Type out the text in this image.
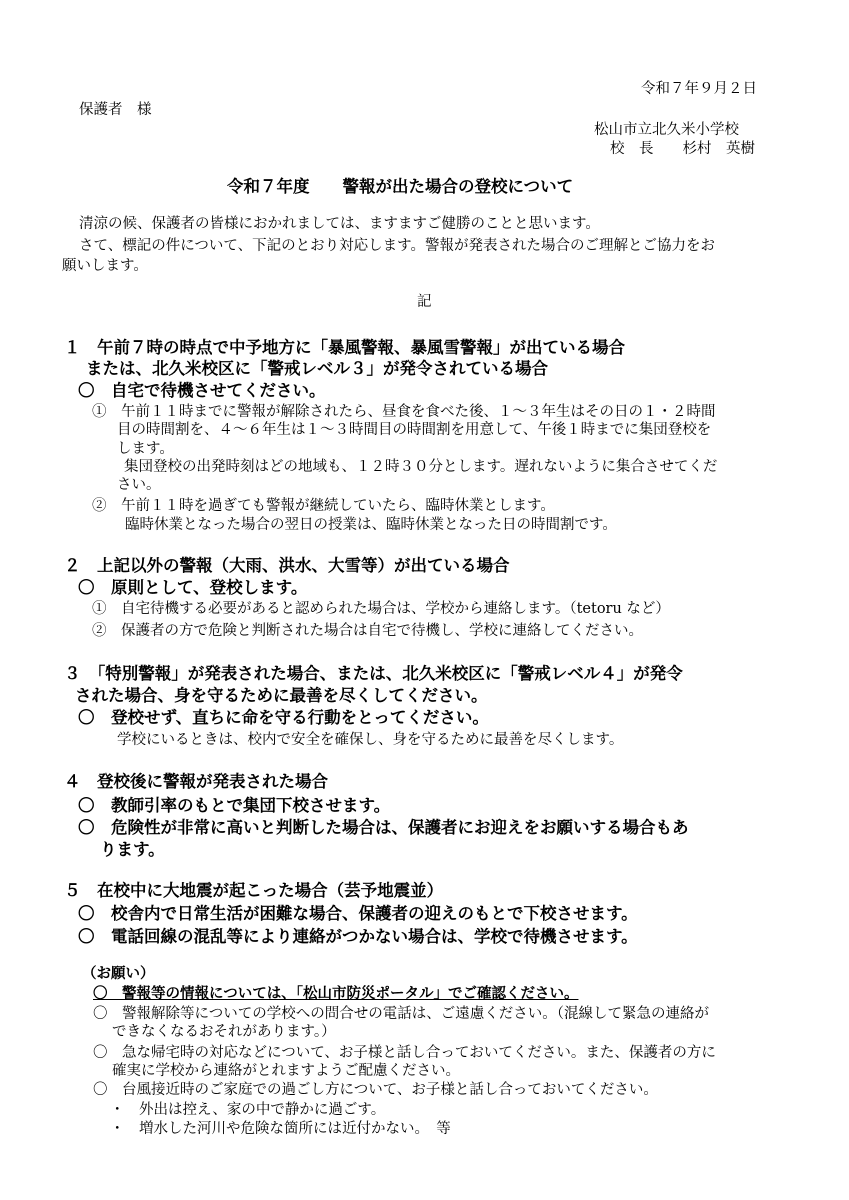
令和７年９月２日
保護者　様
松山市立北久米小学校
校　長　　杉村　英樹
令和７年度　　警報が出た場合の登校について
清涼の候、保護者の皆様におかれましては、ますますご健勝のことと思います。
さて、標記の件について、下記のとおり対応します。警報が発表された場合のご理解とご協力をお
願いします。
記
１　午前７時の時点で中予地方に「暴風警報、暴風雪警報」が出ている場合
または、北久米校区に「警戒レベル３」が発令されている場合
〇　自宅で待機させてください。
①　午前１１時までに警報が解除されたら、昼食を食べた後、１～３年生はその日の１・２時間
目の時間割を、４～６年生は１～３時間目の時間割を用意して、午後１時までに集団登校を
します。
集団登校の出発時刻はどの地域も、１２時３０分とします。遅れないように集合させてくだ
さい。
②　午前１１時を過ぎても警報が継続していたら、臨時休業とします。
臨時休業となった場合の翌日の授業は、臨時休業となった日の時間割です。
２　上記以外の警報（大雨、洪水、大雪等）が出ている場合
〇　原則として、登校します。
①　自宅待機する必要があると認められた場合は、学校から連絡します。（tetoru など）
②　保護者の方で危険と判断された場合は自宅で待機し、学校に連絡してください。
３　「特別警報」が発表された場合、または、北久米校区に「警戒レベル４」が発令
された場合、身を守るために最善を尽くしてください。
〇　登校せず、直ちに命を守る行動をとってください。
学校にいるときは、校内で安全を確保し、身を守るために最善を尽くします。
４　登校後に警報が発表された場合
〇　教師引率のもとで集団下校させます。
〇　危険性が非常に高いと判断した場合は、保護者にお迎えをお願いする場合もあ
ります。
５　在校中に大地震が起こった場合（芸予地震並）
〇　校舎内で日常生活が困難な場合、保護者の迎えのもとで下校させます。
〇　電話回線の混乱等により連絡がつかない場合は、学校で待機させます。
（お願い）
〇　警報等の情報については、「松山市防災ポータル」でご確認ください。
〇　警報解除等についての学校への問合せの電話は、ご遠慮ください。（混線して緊急の連絡が
できなくなるおそれがあります。）
〇　急な帰宅時の対応などについて、お子様と話し合っておいてください。また、保護者の方に
確実に学校から連絡がとれますようご配慮ください。
〇　台風接近時のご家庭での過ごし方について、お子様と話し合っておいてください。
・　外出は控え、家の中で静かに過ごす。
・　増水した河川や危険な箇所には近付かない。　等
